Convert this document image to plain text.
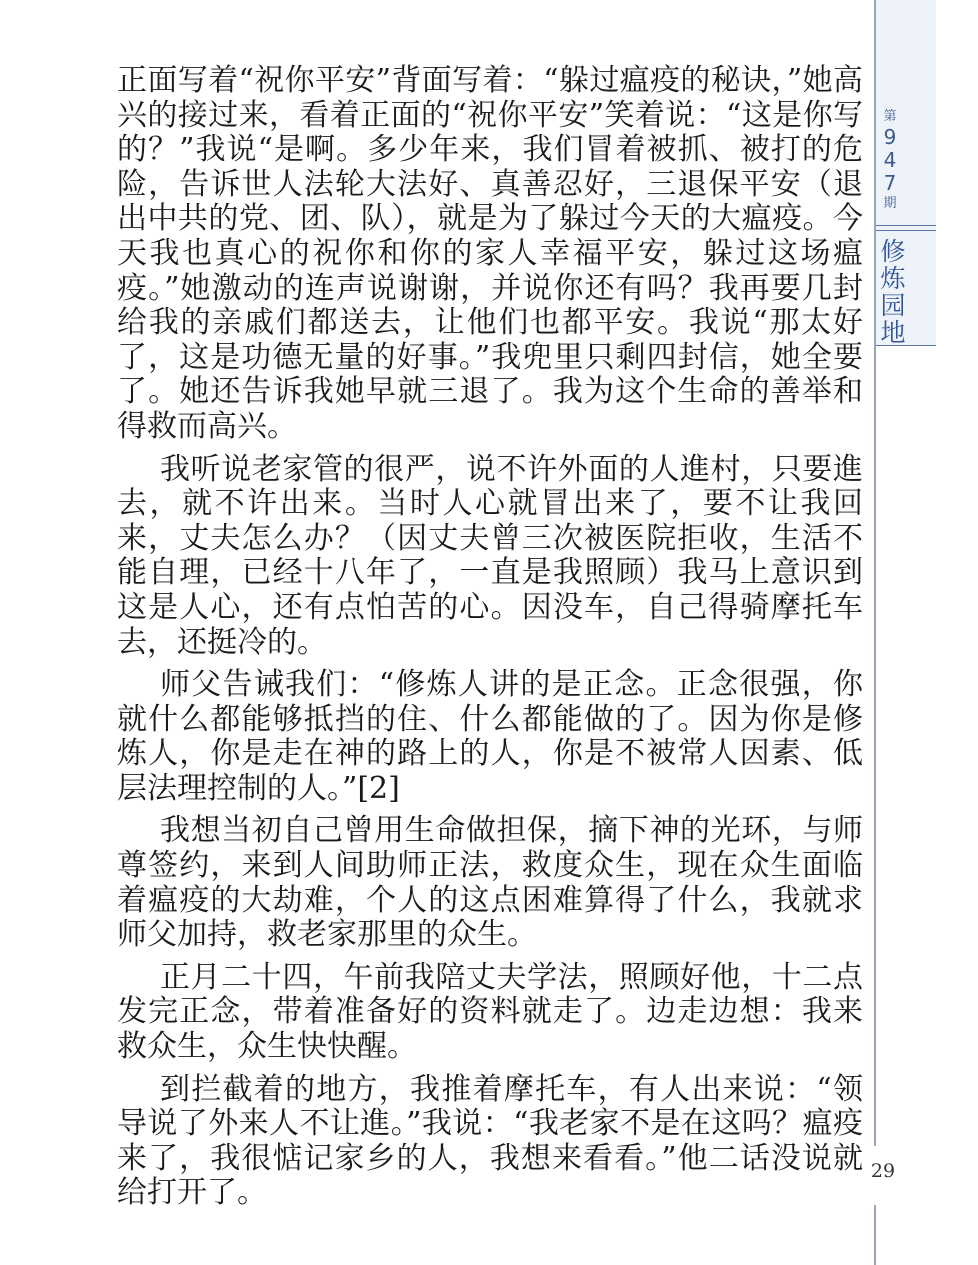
第
9
4
7
期
修
炼
园
地

正面写着“祝你平安”背面写着：“躲过瘟疫的秘诀，”她高兴的接过来，看着正面的“祝你平安”笑着说：“这是你写的？”我说“是啊。多少年来，我们冒着被抓、被打的危险，告诉世人法轮大法好、真善忍好，三退保平安（退出中共的党、团、队），就是为了躲过今天的大瘟疫。今天我也真心的祝你和你的家人幸福平安，躲过这场瘟疫。”她激动的连声说谢谢，并说你还有吗？我再要几封给我的亲戚们都送去，让他们也都平安。我说“那太好了，这是功德无量的好事。”我兜里只剩四封信，她全要了。她还告诉我她早就三退了。我为这个生命的善举和得救而高兴。

我听说老家管的很严，说不许外面的人進村，只要進去，就不许出来。当时人心就冒出来了，要不让我回来，丈夫怎么办？（因丈夫曾三次被医院拒收，生活不能自理，已经十八年了，一直是我照顾）我马上意识到这是人心，还有点怕苦的心。因没车，自己得骑摩托车去，还挺冷的。

师父告诫我们：“修炼人讲的是正念。正念很强，你就什么都能够抵挡的住、什么都能做的了。因为你是修炼人，你是走在神的路上的人，你是不被常人因素、低层法理控制的人。”[2]

我想当初自己曾用生命做担保，摘下神的光环，与师尊签约，来到人间助师正法，救度众生，现在众生面临着瘟疫的大劫难，个人的这点困难算得了什么，我就求师父加持，救老家那里的众生。

正月二十四，午前我陪丈夫学法，照顾好他，十二点发完正念，带着准备好的资料就走了。边走边想：我来救众生，众生快快醒。

到拦截着的地方，我推着摩托车，有人出来说：“领导说了外来人不让進。”我说：“我老家不是在这吗？瘟疫来了，我很惦记家乡的人，我想来看看。”他二话没说就给打开了。

29
